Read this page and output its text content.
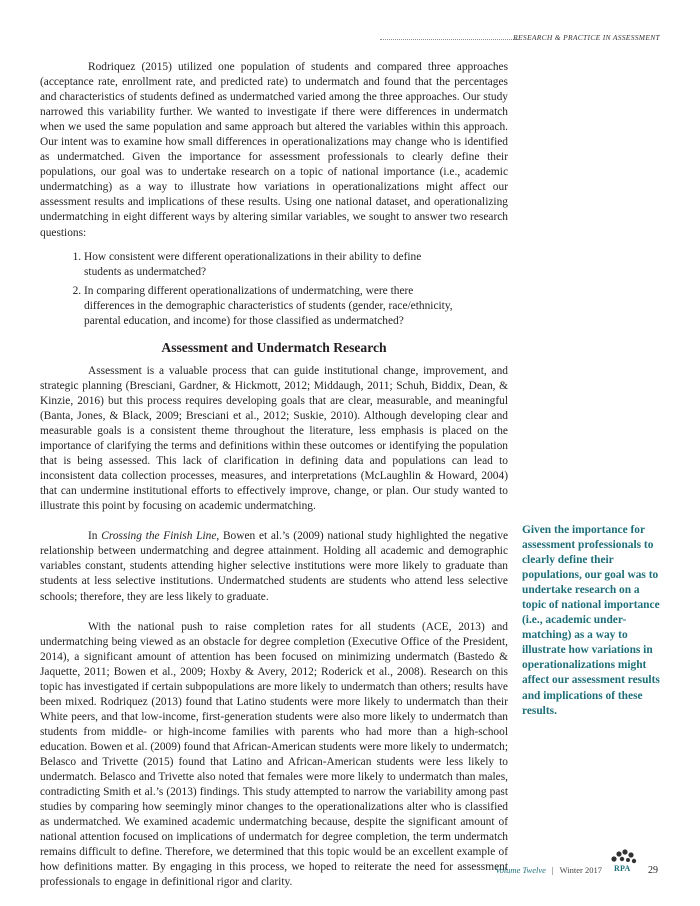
RESEARCH & PRACTICE IN ASSESSMENT

Rodriquez (2015) utilized one population of students and compared three approaches (acceptance rate, enrollment rate, and predicted rate) to undermatch and found that the percentages and characteristics of students defined as undermatched varied among the three approaches. Our study narrowed this variability further. We wanted to investigate if there were differences in undermatch when we used the same population and same approach but altered the variables within this approach. Our intent was to examine how small differences in operationalizations may change who is identified as undermatched. Given the importance for assessment professionals to clearly define their populations, our goal was to undertake research on a topic of national importance (i.e., academic undermatching) as a way to illustrate how variations in operationalizations might affect our assessment results and implications of these results. Using one national dataset, and operationalizing undermatching in eight different ways by altering similar variables, we sought to answer two research questions:

1. How consistent were different operationalizations in their ability to define students as undermatched?
2. In comparing different operationalizations of undermatching, were there differences in the demographic characteristics of students (gender, race/ethnicity, parental education, and income) for those classified as undermatched?
Assessment and Undermatch Research

Assessment is a valuable process that can guide institutional change, improvement, and strategic planning (Bresciani, Gardner, & Hickmott, 2012; Middaugh, 2011; Schuh, Biddix, Dean, & Kinzie, 2016) but this process requires developing goals that are clear, measurable, and meaningful (Banta, Jones, & Black, 2009; Bresciani et al., 2012; Suskie, 2010). Although developing clear and measurable goals is a consistent theme throughout the literature, less emphasis is placed on the importance of clarifying the terms and definitions within these outcomes or identifying the population that is being assessed. This lack of clarification in defining data and populations can lead to inconsistent data collection processes, measures, and interpretations (McLaughlin & Howard, 2004) that can undermine institutional efforts to effectively improve, change, or plan. Our study wanted to illustrate this point by focusing on academic undermatching.

In Crossing the Finish Line, Bowen et al.’s (2009) national study highlighted the negative relationship between undermatching and degree attainment. Holding all academic and demographic variables constant, students attending higher selective institutions were more likely to graduate than students at less selective institutions. Undermatched students are students who attend less selective schools; therefore, they are less likely to graduate.

With the national push to raise completion rates for all students (ACE, 2013) and undermatching being viewed as an obstacle for degree completion (Executive Office of the President, 2014), a significant amount of attention has been focused on minimizing undermatch (Bastedo & Jaquette, 2011; Bowen et al., 2009; Hoxby & Avery, 2012; Roderick et al., 2008). Research on this topic has investigated if certain subpopulations are more likely to undermatch than others; results have been mixed. Rodriquez (2013) found that Latino students were more likely to undermatch than their White peers, and that low-income, first-generation students were also more likely to undermatch than students from middle- or high-income families with parents who had more than a high-school education. Bowen et al. (2009) found that African-American students were more likely to undermatch; Belasco and Trivette (2015) found that Latino and African-American students were less likely to undermatch. Belasco and Trivette also noted that females were more likely to undermatch than males, contradicting Smith et al.’s (2013) findings. This study attempted to narrow the variability among past studies by comparing how seemingly minor changes to the operationalizations alter who is classified as undermatched. We examined academic undermatching because, despite the significant amount of national attention focused on implications of undermatch for degree completion, the term undermatch remains difficult to define. Therefore, we determined that this topic would be an excellent example of how definitions matter. By engaging in this process, we hoped to reiterate the need for assessment professionals to engage in definitional rigor and clarity.

Given the importance for assessment professionals to clearly define their populations, our goal was to undertake research on a topic of national importance (i.e., academic under-matching) as a way to illustrate how variations in operationalizations might affect our assessment results and implications of these results.
Volume Twelve | Winter 2017 RPA 29
